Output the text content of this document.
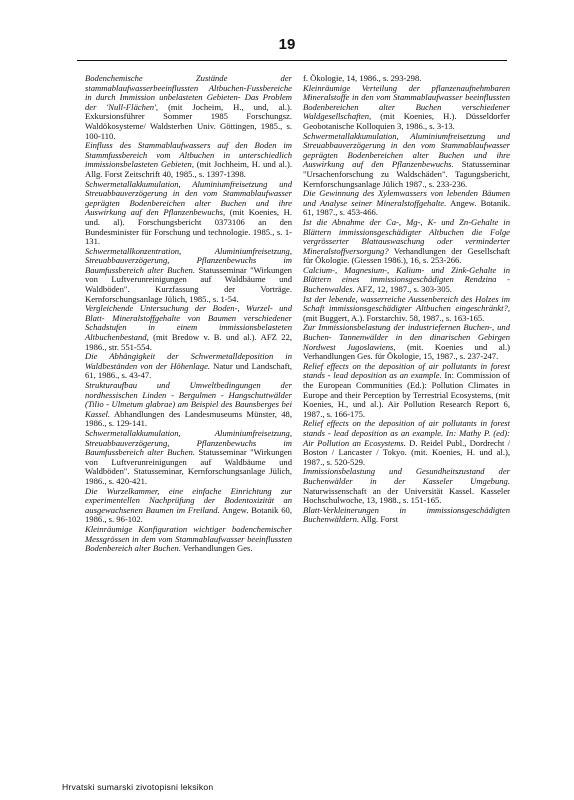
19

Bodenchemische Zustände der stammablaufwasserbeeinflussten Altbuchen-Fussbereiche in durch Immission unbelasteten Gebieten- Das Problem der 'Null-Flächen', (mit Jocheim, H., und, al.). Exkursionsführer Sommer 1985 Forschungsz. Waldökosysteme/ Waldsterben Univ. Göttingen, 1985., s. 100-110.

Einfluss des Stammablaufwassers auf den Boden im Stammfussbereich vom Altbuchen in unterschiedlich immissionsbelasteten Gebieten, (mit Jochheim, H. und al.). Allg. Forst Zeitschrift 40, 1985., s. 1397-1398.

Schwermetallakkumulation, Aluminiumfreisetzung und Streuabbauverzögerung in den vom Stammablaufwasser geprägten Bodenbereichen alter Buchen und ihre Auswirkung auf den Pflanzenbewuchs, (mit Koenies, H. und. al). Forschungsbericht 0373106 an den Bundesminister für Forschung und technologie. 1985., s. 1-131.

Schwermetallkonzentration, Aluminiumfreisetzung, Streuabbauverzögerung, Pflanzenbewuchs im Baumfussbereich alter Buchen. Statusseminar "Wirkungen von Luftverunreinigungen auf Waldbäume und Waldböden". Kurzfassung der Vorträge. Kernforschungsanlage Jülich, 1985., s. 1-54.

Vergleichende Untersuchung der Boden-, Wurzel- und Blatt- Mineralstoffgehalte von Baumen verschiedener Schadstufen in einem immissionsbelasteten Altbuchenbestand, (mit Bredow v. B. und al.). AFZ 22, 1986., str. 551-554.

Die Abhängigkeit der Schwermetalldeposition in Waldbeständen von der Höhenlage. Natur und Landschaft, 61, 1986., s. 43-47.

Strukturaufbau und Umweltbedingungen der nordhessischen Linden - Bergulmen - Hangschuttwälder (Tilio - Ulmetum glabrae) am Beispiel des Baunsberges bei Kassel. Abhandlungen des Landesmuseums Münster, 48, 1986., s. 129-141.

Schwermetallakkumulation, Aluminiumfreisetzung, Streuabbauverzögerung, Pflanzenbewuchs im Baumfussbereich alter Buchen. Statusseminar "Wirkungen von Luftverunreinigungen auf Waldbäume und Waldböden". Statusseminar, Kernforschungsanlage Jülich, 1986., s. 420-421.

Die Wurzelkammer, eine einfache Einrichtung zur experimentellen Nachprüfung der Bodentoxizität an ausgewachsenen Baumen im Freiland. Angew. Botanik 60, 1986., s. 96-102.

Kleinräumige Konfiguration wichtiger bodenchemischer Messgrössen in dem vom Stammablaufwasser beeinflussten Bodenbereich alter Buchen. Verhandlungen Ges.

f. Ökologie, 14, 1986., s. 293-298.

Kleinräumige Verteilung der pflanzenaufnehmbaren Mineralstoffe in den vom Stammablaufwasser beeinflussten Bodenbereichen alter Buchen verschiedener Waldgesellschaften, (mit Koenies, H.). Düsseldorfer Geobotanische Kolloquien 3, 1986., s. 3-13.

Schwermetallakkumulation, Aluminiumfreisetzung und Streuabbauverzögerung in den vom Stammablaufwasser geprägten Bodenbereichen alter Buchen und ihre Auswirkung auf den Pflanzenbewuchs. Statusseminar "Ursachenforschung zu Waldschäden". Tagungsbericht, Kernforschungsanlage Jülich 1987., s. 233-236.

Die Gewinnung des Xylemwassers von lebenden Bäumen und Analyse seiner Mineralstoffgehalte. Angew. Botanik. 61, 1987., s. 453-466.

Ist die Abnahme der Ca-, Mg-, K- und Zn-Gehalte in Blättern immissionsgeschädigter Altbuchen die Folge vergrösserter Blattauswaschung oder verminderter Mineralstoffversorgung? Verhandlungen der Gesellschaft für Ökologie. (Giessen 1986.), 16, s. 253-266.

Calcium-, Magnesium-, Kalium- und Zink-Gehalte in Blättern eines immissionsgeschädigten Rendzina - Buchenwaldes. AFZ, 12, 1987., s. 303-305.

Ist der lebende, wasserreiche Aussenbereich des Holzes im Schaft immissionsgeschädigter Altbuchen eingeschränkt?, (mit Buggert, A.). Forstarchiv. 58, 1987., s. 163-165.

Zur Immissionsbelastung der industriefernen Buchen-, und Buchen- Tannenwälder in den dinarischen Gebirgen Nordwest Jugoslawiens, (mit. Koenies und al.) Verhandlungen Ges. für Ökologie, 15, 1987., s. 237-247.

Relief effects on the deposition of air pollutants in forest stands - lead deposition as an example. In: Commission of the European Communities (Ed.): Pollution Climates in Europe and their Perception by Terrestrial Ecosystems, (mit Koenies, H., und al.). Air Pollution Research Report 6, 1987., s. 166-175.

Relief effects on the deposition of air pollutants in forest stands - lead deposition as an example. In: Mathy P. (ed): Air Pollution an Ecosystems. D. Reidel Publ., Dordrecht / Boston / Lancaster / Tokyo. (mit. Koenies, H. und al.), 1987., s. 520-529.

Immissionsbelastung und Gesundheitszustand der Buchenwälder in der Kasseler Umgebung. Naturwissenschaft an der Universität Kassel. Kasseler Hochschulwoche, 13, 1988., s. 151-165.

Blatt-Verkleinerungen in immissionsgeschädigten Buchenwäldern. Allg. Forst

Hrvatski sumarski zivotopisni leksikon
